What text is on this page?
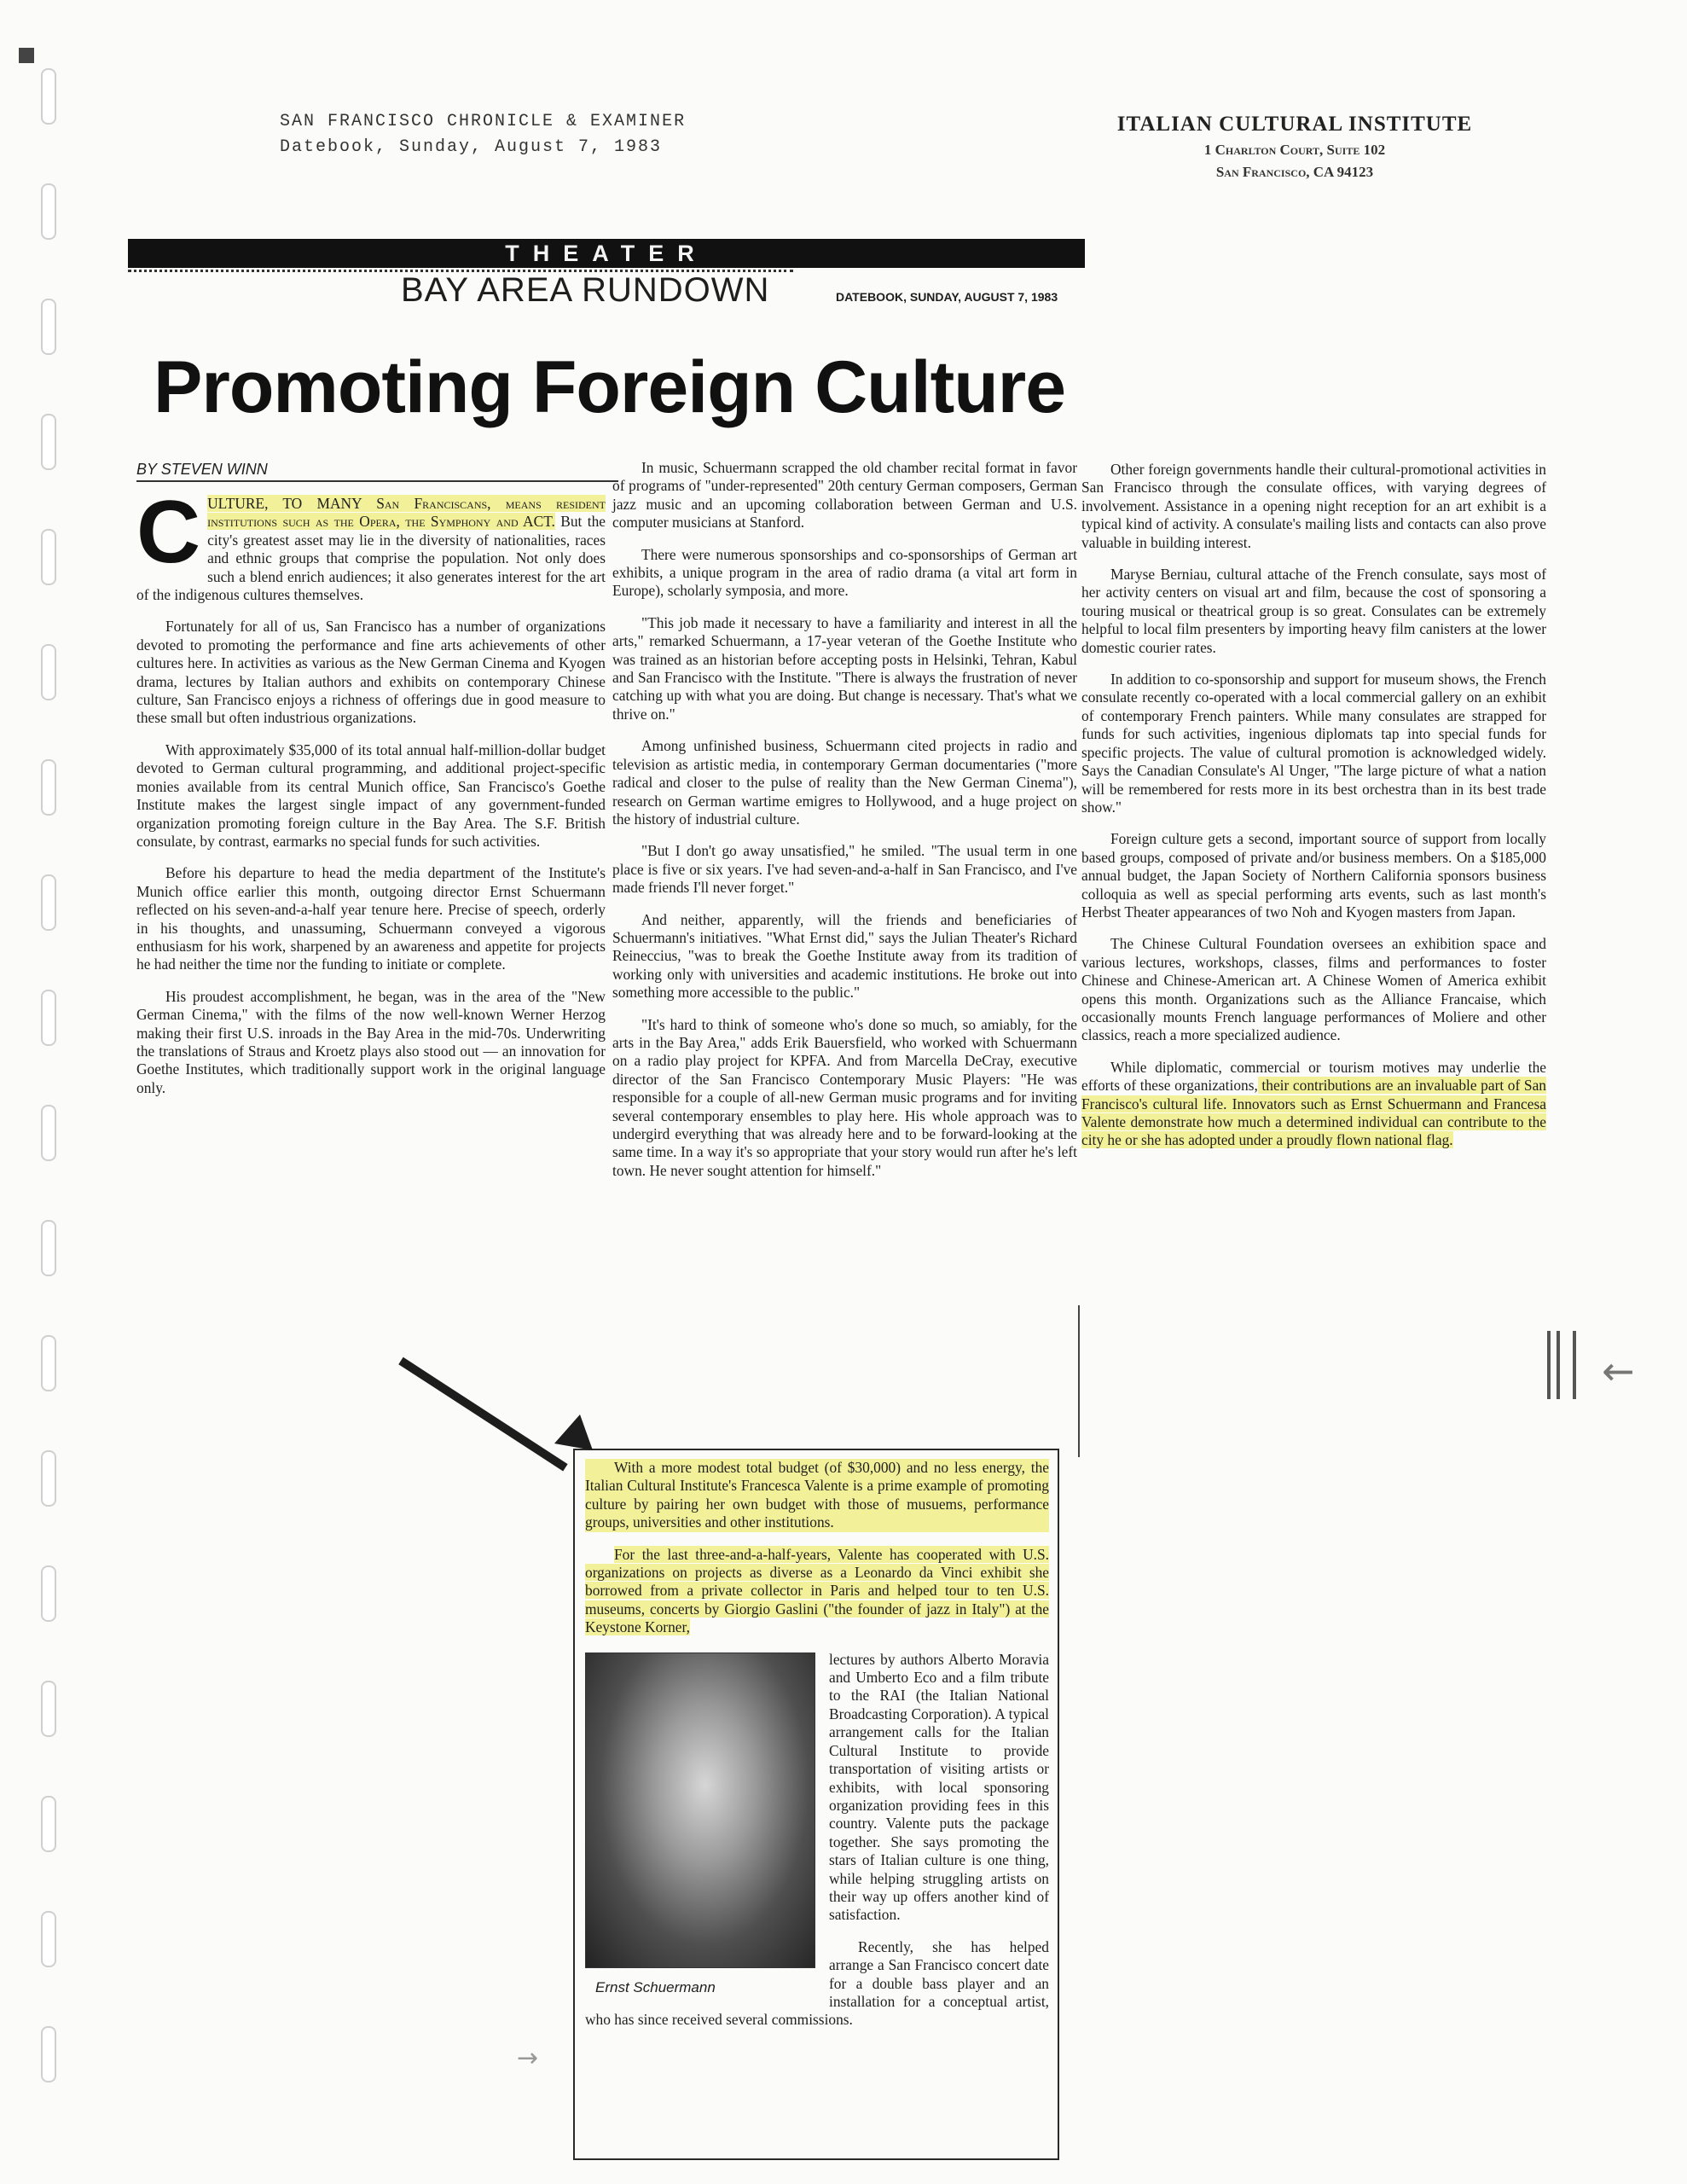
SAN FRANCISCO CHRONICLE & EXAMINER
Datebook, Sunday, August 7, 1983
ITALIAN CULTURAL INSTITUTE
1 Charlton Court, Suite 102
San Francisco, CA 94123
THEATER
BAY AREA RUNDOWN	DATEBOOK, SUNDAY, AUGUST 7, 1983
Promoting Foreign Culture
BY STEVEN WINN

CULTURE, TO MANY San Franciscans, means resident institutions such as the Opera, the Symphony and ACT. But the city's greatest asset may lie in the diversity of nationalities, races and ethnic groups that comprise the population. Not only does such a blend enrich audiences; it also generates interest for the art of the indigenous cultures themselves.

Fortunately for all of us, San Francisco has a number of organizations devoted to promoting the performance and fine arts achievements of other cultures here. In activities as various as the New German Cinema and Kyogen drama, lectures by Italian authors and exhibits on contemporary Chinese culture, San Francisco enjoys a richness of offerings due in good measure to these small but often industrious organizations.

With approximately $35,000 of its total annual half-million-dollar budget devoted to German cultural programming, and additional project-specific monies available from its central Munich office, San Francisco's Goethe Institute makes the largest single impact of any government-funded organization promoting foreign culture in the Bay Area. The S.F. British consulate, by contrast, earmarks no special funds for such activities.

Before his departure to head the media department of the Institute's Munich office earlier this month, outgoing director Ernst Schuermann reflected on his seven-and-a-half year tenure here. Precise of speech, orderly in his thoughts, and unassuming, Schuermann conveyed a vigorous enthusiasm for his work, sharpened by an awareness and appetite for projects he had neither the time nor the funding to initiate or complete.

His proudest accomplishment, he began, was in the area of the "New German Cinema," with the films of the now well-known Werner Herzog making their first U.S. inroads in the Bay Area in the mid-70s. Underwriting the translations of Straus and Kroetz plays also stood out — an innovation for Goethe Institutes, which traditionally support work in the original language only.

In music, Schuermann scrapped the old chamber recital format in favor of programs of "under-represented" 20th century German composers, German jazz music and an upcoming collaboration between German and U.S. computer musicians at Stanford.

There were numerous sponsorships and co-sponsorships of German art exhibits, a unique program in the area of radio drama (a vital art form in Europe), scholarly symposia, and more.

"This job made it necessary to have a familiarity and interest in all the arts," remarked Schuermann, a 17-year veteran of the Goethe Institute who was trained as an historian before accepting posts in Helsinki, Tehran, Kabul and San Francisco with the Institute. "There is always the frustration of never catching up with what you are doing. But change is necessary. That's what we thrive on."

Among unfinished business, Schuermann cited projects in radio and television as artistic media, in contemporary German documentaries ("more radical and closer to the pulse of reality than the New German Cinema"), research on German wartime emigres to Hollywood, and a huge project on the history of industrial culture.

"But I don't go away unsatisfied," he smiled. "The usual term in one place is five or six years. I've had seven-and-a-half in San Francisco, and I've made friends I'll never forget."

And neither, apparently, will the friends and beneficiaries of Schuermann's initiatives. "What Ernst did," says the Julian Theater's Richard Reineccius, "was to break the Goethe Institute away from its tradition of working only with universities and academic institutions. He broke out into something more accessible to the public."

"It's hard to think of someone who's done so much, so amiably, for the arts in the Bay Area," adds Erik Bauersfield, who worked with Schuermann on a radio play project for KPFA. And from Marcella DeCray, executive director of the San Francisco Contemporary Music Players: "He was responsible for a couple of all-new German music programs and for inviting several contemporary ensembles to play here. His whole approach was to undergird everything that was already here and to be forward-looking at the same time. In a way it's so appropriate that your story would run after he's left town. He never sought attention for himself."

Other foreign governments handle their cultural-promotional activities in San Francisco through the consulate offices, with varying degrees of involvement. Assistance in a opening night reception for an art exhibit is a typical kind of activity. A consulate's mailing lists and contacts can also prove valuable in building interest.

Maryse Berniau, cultural attache of the French consulate, says most of her activity centers on visual art and film, because the cost of sponsoring a touring musical or theatrical group is so great. Consulates can be extremely helpful to local film presenters by importing heavy film canisters at the lower domestic courier rates.

In addition to co-sponsorship and support for museum shows, the French consulate recently co-operated with a local commercial gallery on an exhibit of contemporary French painters. While many consulates are strapped for funds for such activities, ingenious diplomats tap into special funds for specific projects. The value of cultural promotion is acknowledged widely. Says the Canadian Consulate's Al Unger, "The large picture of what a nation will be remembered for rests more in its best orchestra than in its best trade show."

Foreign culture gets a second, important source of support from locally based groups, composed of private and/or business members. On a $185,000 annual budget, the Japan Society of Northern California sponsors business colloquia as well as special performing arts events, such as last month's Herbst Theater appearances of two Noh and Kyogen masters from Japan.

The Chinese Cultural Foundation oversees an exhibition space and various lectures, workshops, classes, films and performances to foster Chinese and Chinese-American art. A Chinese Women of America exhibit opens this month. Organizations such as the Alliance Francaise, which occasionally mounts French language performances of Moliere and other classics, reach a more specialized audience.

While diplomatic, commercial or tourism motives may underlie the efforts of these organizations, their contributions are an invaluable part of San Francisco's cultural life. Innovators such as Ernst Schuermann and Francesa Valente demonstrate how much a determined individual can contribute to the city he or she has adopted under a proudly flown national flag.

With a more modest total budget (of $30,000) and no less energy, the Italian Cultural Institute's Francesca Valente is a prime example of promoting culture by pairing her own budget with those of musuems, performance groups, universities and other institutions.

For the last three-and-a-half-years, Valente has cooperated with U.S. organizations on projects as diverse as a Leonardo da Vinci exhibit she borrowed from a private collector in Paris and helped tour to ten U.S. museums, concerts by Giorgio Gaslini ("the founder of jazz in Italy") at the Keystone Korner,

Ernst Schuermann

lectures by authors Alberto Moravia and Umberto Eco and a film tribute to the RAI (the Italian National Broadcasting Corporation). A typical arrangement calls for the Italian Cultural Institute to provide transportation of visiting artists or exhibits, with local sponsoring organization providing fees in this country. Valente puts the package together. She says promoting the stars of Italian culture is one thing, while helping struggling artists on their way up offers another kind of satisfaction.

Recently, she has helped arrange a San Francisco concert date for a double bass player and an installation for a conceptual artist, who has since received several commissions.

←
→
